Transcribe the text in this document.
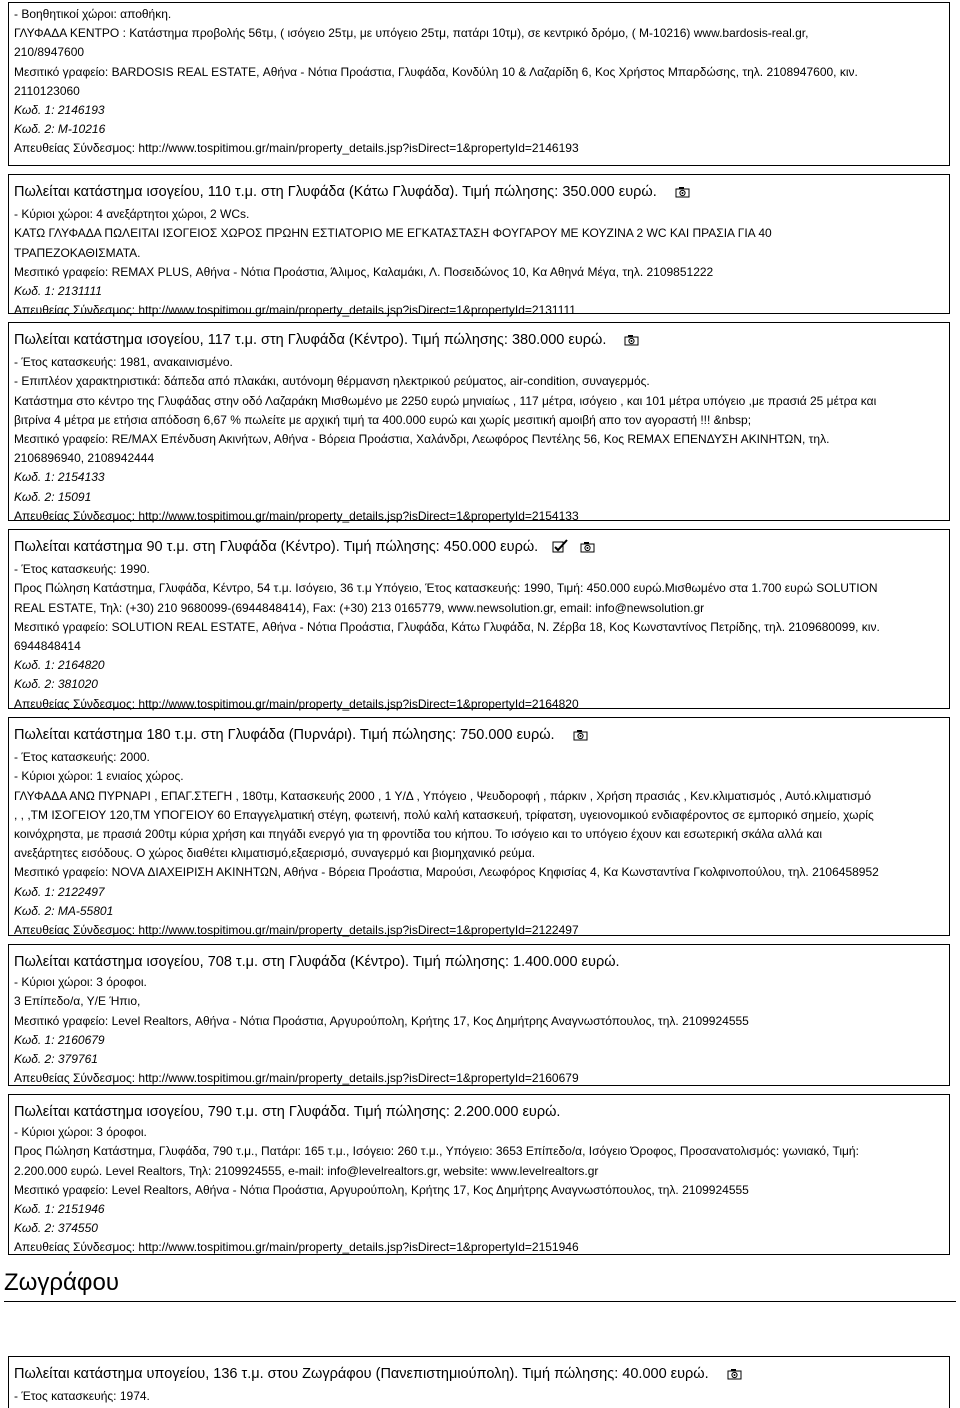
- Βοηθητικοί χώροι: αποθήκη.
ΓΛΥΦΑΔΑ ΚΕΝΤΡΟ : Κατάστημα προβολής 56τμ, ( ισόγειο 25τμ, με υπόγειο 25τμ, πατάρι 10τμ), σε κεντρικό δρόμο, ( Μ-10216) www.bardosis-real.gr,
210/8947600
Μεσιτικό γραφείο: BARDOSIS REAL ESTATE, Αθήνα - Νότια Προάστια, Γλυφάδα, Κονδύλη 10 & Λαζαρίδη 6, Κος Χρήστος Μπαρδώσης, τηλ. 2108947600, κιν.
2110123060
Κωδ. 1: 2146193
Κωδ. 2: M-10216
Απευθείας Σύνδεσμος: http://www.tospitimou.gr/main/property_details.jsp?isDirect=1&propertyId=2146193
Πωλείται κατάστημα ισογείου, 110 τ.μ. στη Γλυφάδα (Κάτω Γλυφάδα). Τιμή πώλησης: 350.000 ευρώ.
- Κύριοι χώροι: 4 ανεξάρτητοι χώροι, 2 WCs.
ΚΑΤΩ ΓΛΥΦΑΔΑ ΠΩΛΕΙΤΑΙ ΙΣΟΓΕΙΟΣ ΧΩΡΟΣ ΠΡΩΗΝ ΕΣΤΙΑΤΟΡΙΟ ΜΕ ΕΓΚΑΤΑΣΤΑΣΗ ΦΟΥΓΑΡΟΥ ΜΕ ΚΟΥΖΙΝΑ 2 WC ΚΑΙ ΠΡΑΣΙΑ ΓΙΑ 40
ΤΡΑΠΕΖΟΚΑΘΙΣΜΑΤΑ.
Μεσιτικό γραφείο: REMAX PLUS, Αθήνα - Νότια Προάστια, Άλιμος, Καλαμάκι, Λ. Ποσειδώνος 10, Κα Αθηνά Μέγα, τηλ. 2109851222
Κωδ. 1: 2131111
Απευθείας Σύνδεσμος: http://www.tospitimou.gr/main/property_details.jsp?isDirect=1&propertyId=2131111
Πωλείται κατάστημα ισογείου, 117 τ.μ. στη Γλυφάδα (Κέντρο). Τιμή πώλησης: 380.000 ευρώ.
- Έτος κατασκευής: 1981, ανακαινισμένο.
- Επιπλέον χαρακτηριστικά: δάπεδα από πλακάκι, αυτόνομη θέρμανση ηλεκτρικού ρεύματος, air-condition, συναγερμός.
Κατάστημα στο κέντρο της Γλυφάδας στην οδό Λαζαράκη Μισθωμένο με 2250 ευρώ μηνιαίως , 117 μέτρα, ισόγειο , και 101 μέτρα υπόγειο ,με πρασιά 25 μέτρα και
βιτρίνα 4 μέτρα με ετήσια απόδοση 6,67 % πωλείτε με αρχική τιμή τα 400.000 ευρώ και χωρίς μεσιτική αμοιβή απο τον αγοραστή !!! &nbsp;
Μεσιτικό γραφείο: RE/MAX Επένδυση Ακινήτων, Αθήνα - Βόρεια Προάστια, Χαλάνδρι, Λεωφόρος Πεντέλης 56, Κος REMAX ΕΠΕΝΔΥΣΗ ΑΚΙΝΗΤΩΝ, τηλ.
2106896940, 2108942444
Κωδ. 1: 2154133
Κωδ. 2: 15091
Απευθείας Σύνδεσμος: http://www.tospitimou.gr/main/property_details.jsp?isDirect=1&propertyId=2154133
Πωλείται κατάστημα 90 τ.μ. στη Γλυφάδα (Κέντρο). Τιμή πώλησης: 450.000 ευρώ.
- Έτος κατασκευής: 1990.
Προς Πώληση Κατάστημα, Γλυφάδα, Κέντρο, 54 τ.μ. Ισόγειο, 36 τ.μ Υπόγειο, Έτος κατασκευής: 1990, Τιμή: 450.000 ευρώ.Μισθωμένο στα 1.700 ευρώ SOLUTION
REAL ESTATE, Τηλ: (+30) 210 9680099-(6944848414), Fax: (+30) 213 0165779, www.newsolution.gr, email: info@newsolution.gr
Μεσιτικό γραφείο: SOLUTION REAL ESTATE, Αθήνα - Νότια Προάστια, Γλυφάδα, Κάτω Γλυφάδα, Ν. Ζέρβα 18, Κος Κωνσταντίνος Πετρίδης, τηλ. 2109680099, κιν.
6944848414
Κωδ. 1: 2164820
Κωδ. 2: 381020
Απευθείας Σύνδεσμος: http://www.tospitimou.gr/main/property_details.jsp?isDirect=1&propertyId=2164820
Πωλείται κατάστημα 180 τ.μ. στη Γλυφάδα (Πυρνάρι). Τιμή πώλησης: 750.000 ευρώ.
- Έτος κατασκευής: 2000.
- Κύριοι χώροι: 1 ενιαίος χώρος.
ΓΛΥΦΑΔΑ ΑΝΩ ΠΥΡΝΑΡΙ , ΕΠΑΓ.ΣΤΕΓΗ , 180τμ, Κατασκευής 2000 , 1 Υ/Δ , Υπόγειο , Ψευδοροφή , πάρκιν , Χρήση πρασιάς , Κεν.κλιματισμός , Αυτό.κλιματισμό
, , ,ΤΜ ΙΣΟΓΕΙΟΥ 120,ΤΜ ΥΠΟΓΕΙΟΥ 60 Επαγγελματική στέγη, φωτεινή, πολύ καλή κατασκευή, τρίφατση, υγειονομικού ενδιαφέροντος σε εμπορικό σημείο, χωρίς
κοινόχρηστα, με πρασιά 200τμ κύρια χρήση και πηγάδι ενεργό για τη φροντίδα του κήπου. Το ισόγειο και το υπόγειο έχουν και εσωτερική σκάλα αλλά και
ανεξάρτητες εισόδους. Ο χώρος διαθέτει κλιματισμό,εξαερισμό, συναγερμό και βιομηχανικό ρεύμα.
Μεσιτικό γραφείο: NOVA ΔΙΑΧΕΙΡΙΣΗ ΑΚΙΝΗΤΩΝ, Αθήνα - Βόρεια Προάστια, Μαρούσι, Λεωφόρος Κηφισίας 4, Κα Κωνσταντίνα Γκολφινοπούλου, τηλ. 2106458952
Κωδ. 1: 2122497
Κωδ. 2: MA-55801
Απευθείας Σύνδεσμος: http://www.tospitimou.gr/main/property_details.jsp?isDirect=1&propertyId=2122497
Πωλείται κατάστημα ισογείου, 708 τ.μ. στη Γλυφάδα (Κέντρο). Τιμή πώλησης: 1.400.000 ευρώ.
- Κύριοι χώροι: 3 όροφοι.
3 Επίπεδο/α, Υ/Ε Ήπιο,
Μεσιτικό γραφείο: Level Realtors, Αθήνα - Νότια Προάστια, Αργυρούπολη, Κρήτης 17, Κος Δημήτρης Αναγνωστόπουλος, τηλ. 2109924555
Κωδ. 1: 2160679
Κωδ. 2: 379761
Απευθείας Σύνδεσμος: http://www.tospitimou.gr/main/property_details.jsp?isDirect=1&propertyId=2160679
Πωλείται κατάστημα ισογείου, 790 τ.μ. στη Γλυφάδα. Τιμή πώλησης: 2.200.000 ευρώ.
- Κύριοι χώροι: 3 όροφοι.
Προς Πώληση Κατάστημα, Γλυφάδα, 790 τ.μ., Πατάρι: 165 τ.μ., Ισόγειο: 260 τ.μ., Υπόγειο: 3653 Επίπεδο/α, Ισόγειο Όροφος, Προσανατολισμός: γωνιακό, Τιμή:
2.200.000 ευρώ. Level Realtors, Τηλ: 2109924555, e-mail: info@levelrealtors.gr, website: www.levelrealtors.gr
Μεσιτικό γραφείο: Level Realtors, Αθήνα - Νότια Προάστια, Αργυρούπολη, Κρήτης 17, Κος Δημήτρης Αναγνωστόπουλος, τηλ. 2109924555
Κωδ. 1: 2151946
Κωδ. 2: 374550
Απευθείας Σύνδεσμος: http://www.tospitimou.gr/main/property_details.jsp?isDirect=1&propertyId=2151946
Ζωγράφου
Πωλείται κατάστημα υπογείου, 136 τ.μ. στου Ζωγράφου (Πανεπιστημιούπολη). Τιμή πώλησης: 40.000 ευρώ.
- Έτος κατασκευής: 1974.
